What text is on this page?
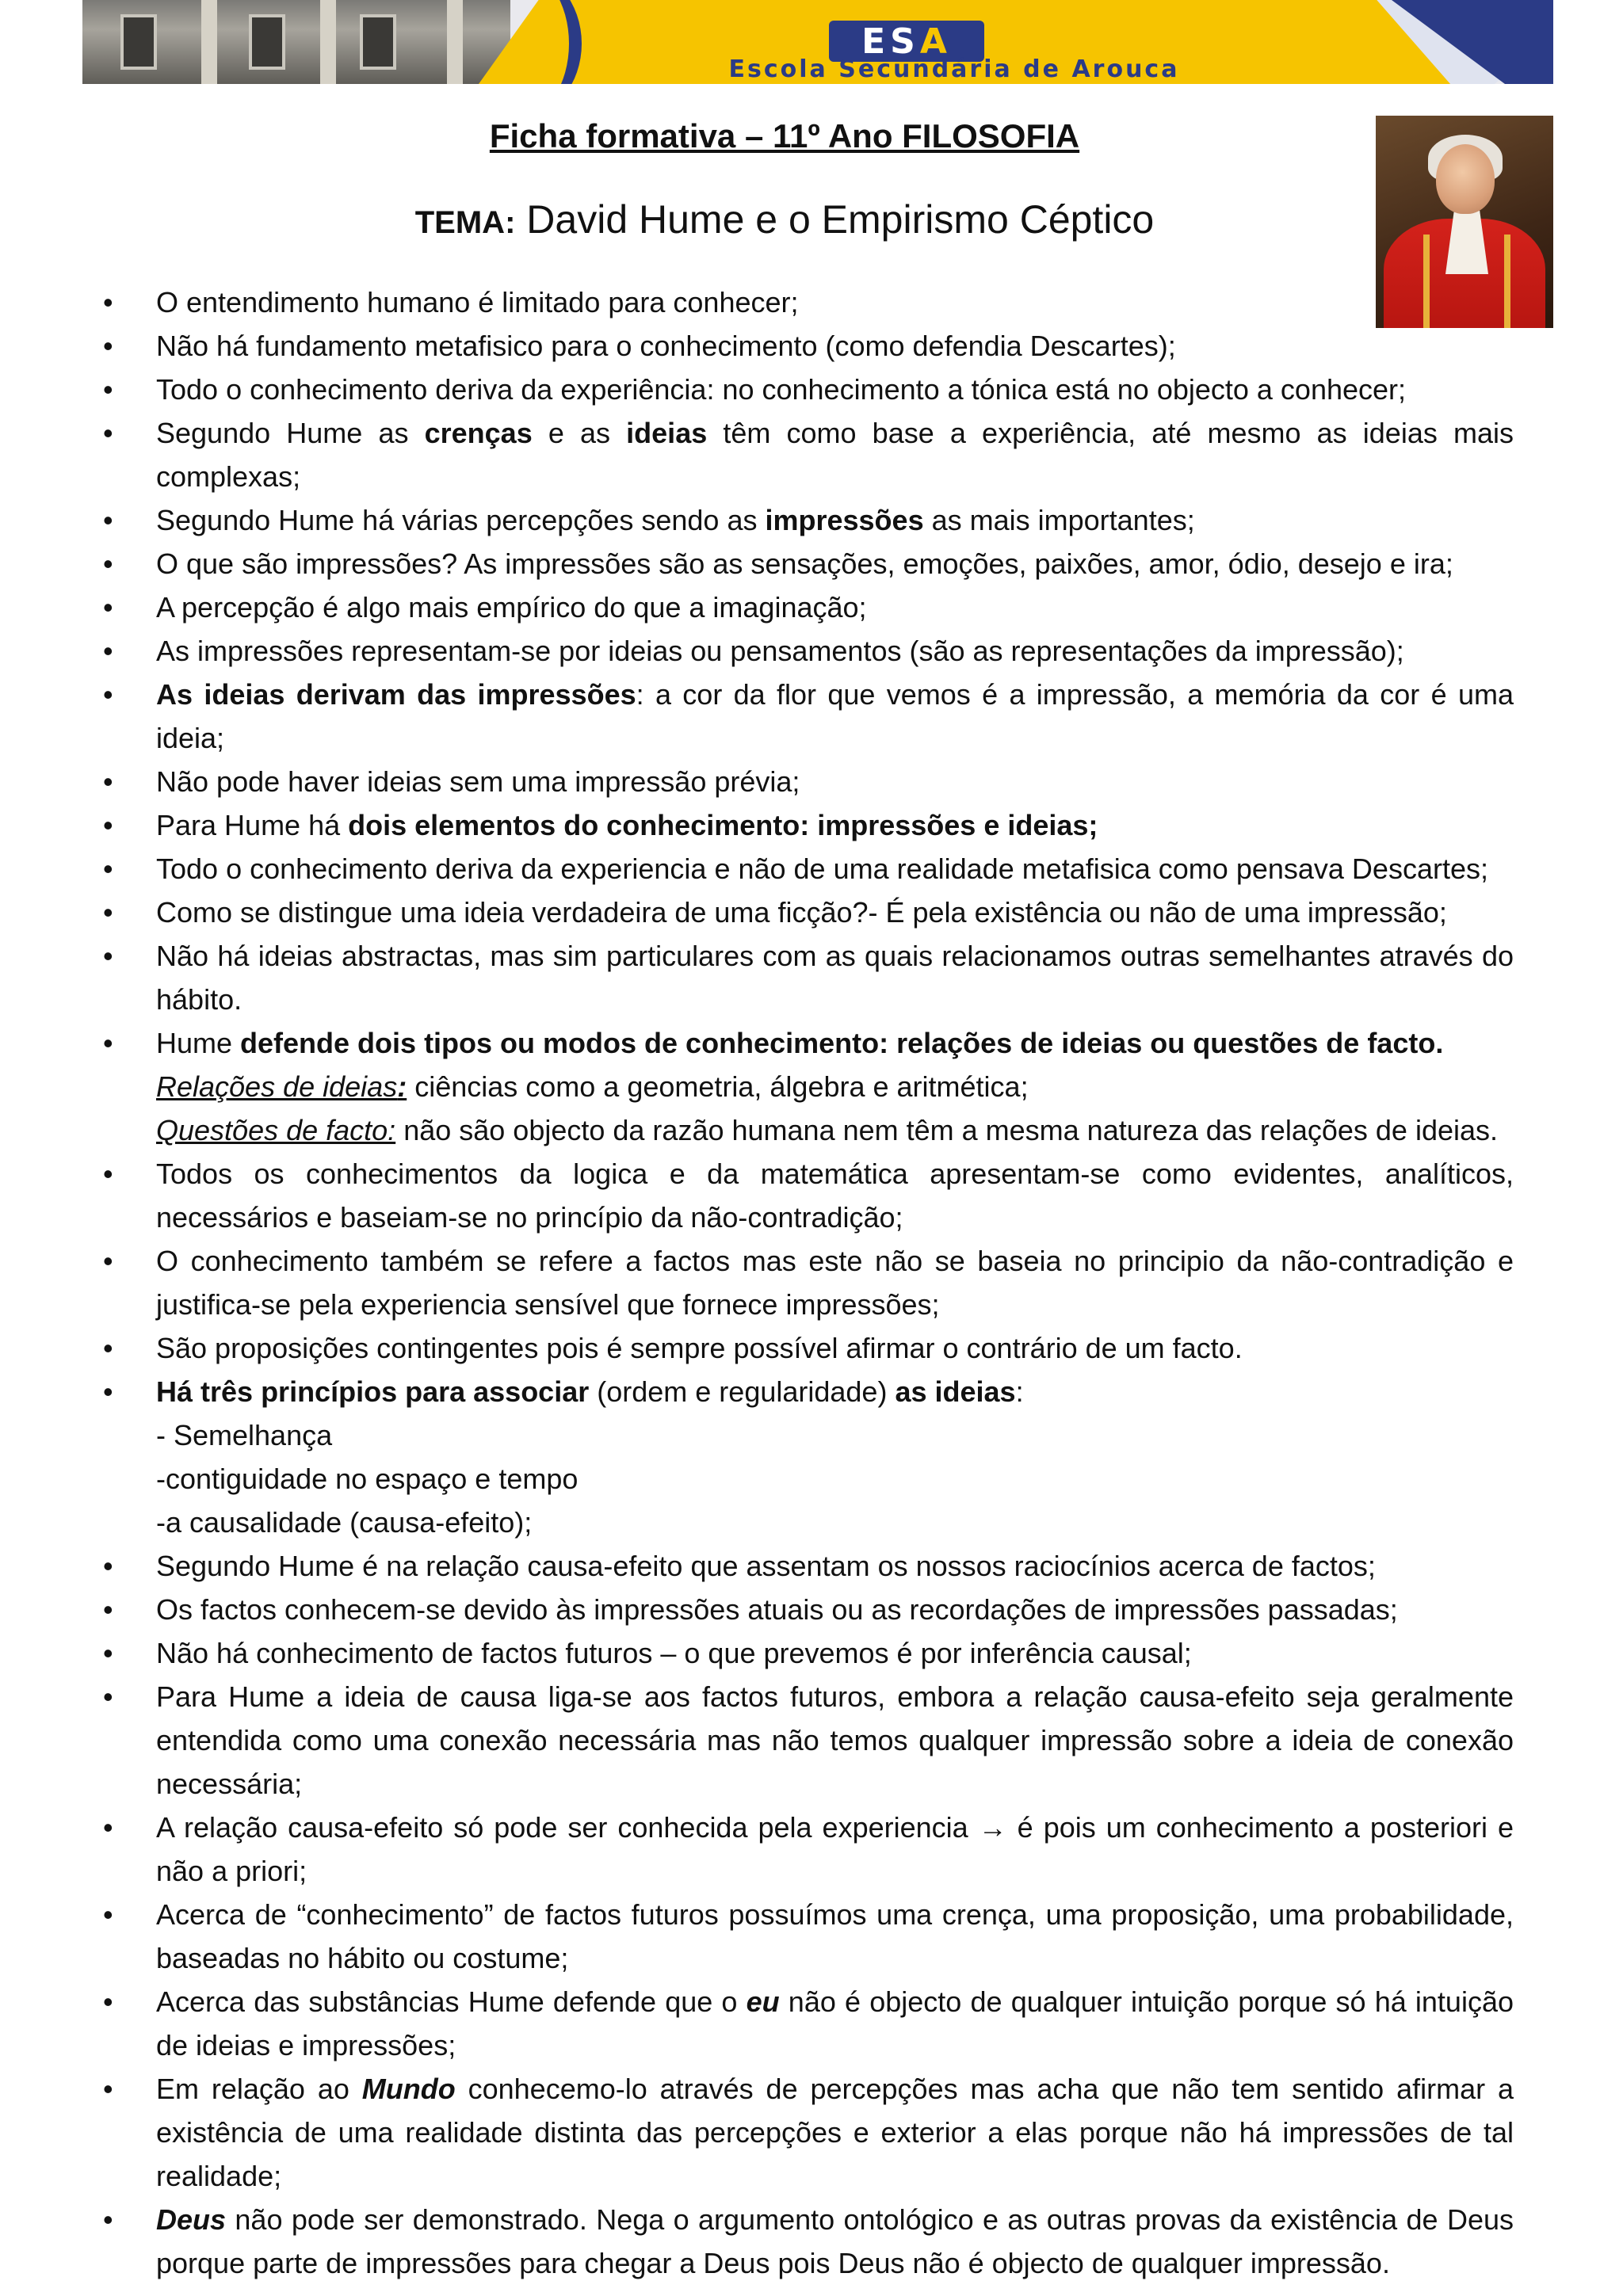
ES A
Escola Secundária de Arouca
Ficha formativa – 11º Ano FILOSOFIA
TEMA: David Hume e o Empirismo Céptico
• O entendimento humano é limitado para conhecer;
• Não há fundamento metafisico para o conhecimento (como defendia Descartes);
• Todo o conhecimento deriva da experiência: no conhecimento a tónica está no objecto a conhecer;
• Segundo Hume as crenças e as ideias têm como base a experiência, até mesmo as ideias mais complexas;
• Segundo Hume há várias percepções sendo as impressões as mais importantes;
• O que são impressões? As impressões são as sensações, emoções, paixões, amor, ódio, desejo e ira;
• A percepção é algo mais empírico do que a imaginação;
• As impressões representam-se por ideias ou pensamentos (são as representações da impressão);
• As ideias derivam das impressões: a cor da flor que vemos é a impressão, a memória da cor é uma ideia;
• Não pode haver ideias sem uma impressão prévia;
• Para Hume há dois elementos do conhecimento: impressões e ideias;
• Todo o conhecimento deriva da experiencia e não de uma realidade metafisica como pensava Descartes;
• Como se distingue uma ideia verdadeira de uma ficção?- É pela existência ou não de uma impressão;
• Não há ideias abstractas, mas sim particulares com as quais relacionamos outras semelhantes através do hábito.
• Hume defende dois tipos ou modos de conhecimento: relações de ideias ou questões de facto.
Relações de ideias: ciências como a geometria, álgebra e aritmética;
Questões de facto: não são objecto da razão humana nem têm a mesma natureza das relações de ideias.
• Todos os conhecimentos da logica e da matemática apresentam-se como evidentes, analíticos, necessários e baseiam-se no princípio da não-contradição;
• O conhecimento também se refere a factos mas este não se baseia no principio da não-contradição e justifica-se pela experiencia sensível que fornece impressões;
• São proposições contingentes pois é sempre possível afirmar o contrário de um facto.
• Há três princípios para associar (ordem e regularidade) as ideias:
- Semelhança
-contiguidade no espaço e tempo
-a causalidade (causa-efeito);
• Segundo Hume é na relação causa-efeito que assentam os nossos raciocínios acerca de factos;
• Os factos conhecem-se devido às impressões atuais ou as recordações de impressões passadas;
• Não há conhecimento de factos futuros – o que prevemos é por inferência causal;
• Para Hume a ideia de causa liga-se aos factos futuros, embora a relação causa-efeito seja geralmente entendida como uma conexão necessária mas não temos qualquer impressão sobre a ideia de conexão necessária;
• A relação causa-efeito só pode ser conhecida pela experiencia → é pois um conhecimento a posteriori e não a priori;
• Acerca de “conhecimento” de factos futuros possuímos uma crença, uma proposição, uma probabilidade, baseadas no hábito ou costume;
• Acerca das substâncias Hume defende que o eu não é objecto de qualquer intuição porque só há intuição de ideias e impressões;
• Em relação ao Mundo conhecemo-lo através de percepções mas acha que não tem sentido afirmar a existência de uma realidade distinta das percepções e exterior a elas porque não há impressões de tal realidade;
• Deus não pode ser demonstrado. Nega o argumento ontológico e as outras provas da existência de Deus porque parte de impressões para chegar a Deus pois Deus não é objecto de qualquer impressão.
